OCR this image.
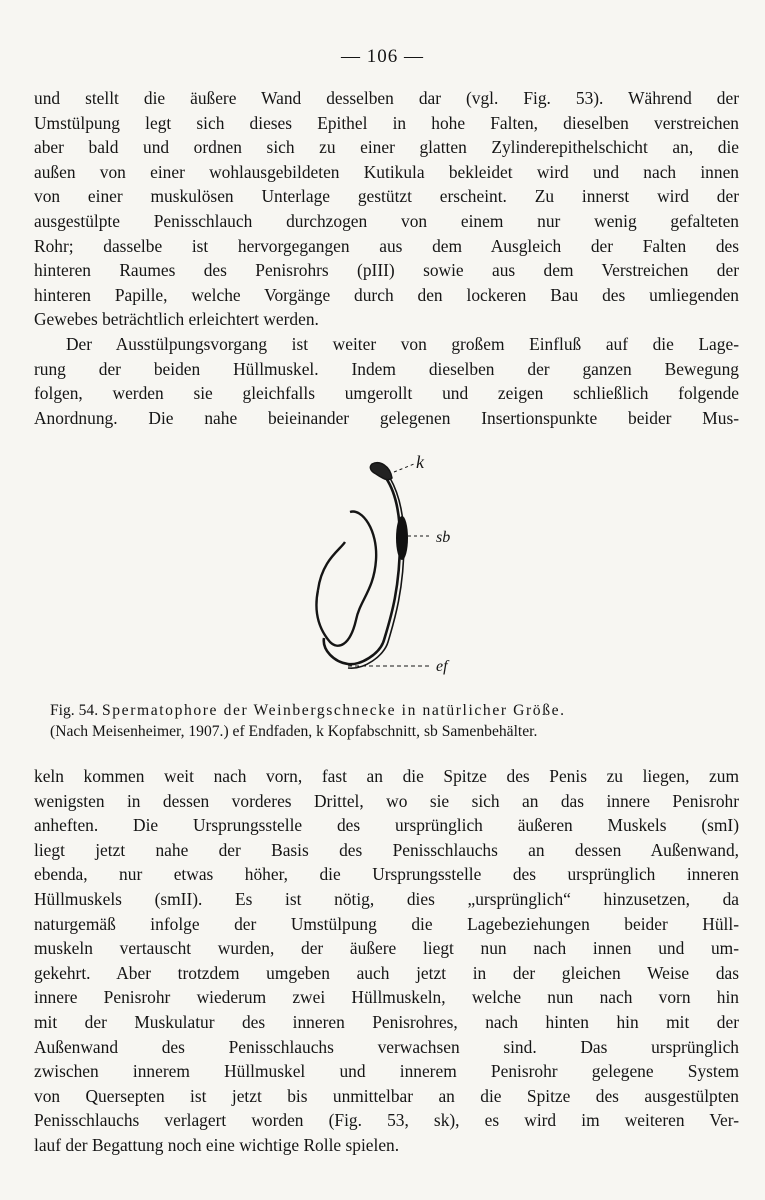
— 106 —
und stellt die äußere Wand desselben dar (vgl. Fig. 53). Während der
Umstülpung legt sich dieses Epithel in hohe Falten, dieselben verstreichen
aber bald und ordnen sich zu einer glatten Zylinderepithelschicht an, die
außen von einer wohlausgebildeten Kutikula bekleidet wird und nach innen
von einer muskulösen Unterlage gestützt erscheint. Zu innerst wird der
ausgestülpte Penisschlauch durchzogen von einem nur wenig gefalteten
Rohr; dasselbe ist hervorgegangen aus dem Ausgleich der Falten des
hinteren Raumes des Penisrohrs (pIII) sowie aus dem Verstreichen der
hinteren Papille, welche Vorgänge durch den lockeren Bau des umliegenden
Gewebes beträchtlich erleichtert werden.
Der Ausstülpungsvorgang ist weiter von großem Einfluß auf die Lage-
rung der beiden Hüllmuskel. Indem dieselben der ganzen Bewegung
folgen, werden sie gleichfalls umgerollt und zeigen schließlich folgende
Anordnung. Die nahe beieinander gelegenen Insertionspunkte beider Mus-
k
sb
ef
Fig. 54. Spermatophore der Weinbergschnecke in natürlicher Größe.
(Nach Meisenheimer, 1907.) ef Endfaden, k Kopfabschnitt, sb Samenbehälter.
keln kommen weit nach vorn, fast an die Spitze des Penis zu liegen, zum
wenigsten in dessen vorderes Drittel, wo sie sich an das innere Penisrohr
anheften. Die Ursprungsstelle des ursprünglich äußeren Muskels (smI)
liegt jetzt nahe der Basis des Penisschlauchs an dessen Außenwand,
ebenda, nur etwas höher, die Ursprungsstelle des ursprünglich inneren
Hüllmuskels (smII). Es ist nötig, dies „ursprünglich“ hinzusetzen, da
naturgemäß infolge der Umstülpung die Lagebeziehungen beider Hüll-
muskeln vertauscht wurden, der äußere liegt nun nach innen und um-
gekehrt. Aber trotzdem umgeben auch jetzt in der gleichen Weise das
innere Penisrohr wiederum zwei Hüllmuskeln, welche nun nach vorn hin
mit der Muskulatur des inneren Penisrohres, nach hinten hin mit der
Außenwand des Penisschlauchs verwachsen sind. Das ursprünglich
zwischen innerem Hüllmuskel und innerem Penisrohr gelegene System
von Quersepten ist jetzt bis unmittelbar an die Spitze des ausgestülpten
Penisschlauchs verlagert worden (Fig. 53, sk), es wird im weiteren Ver-
lauf der Begattung noch eine wichtige Rolle spielen.
